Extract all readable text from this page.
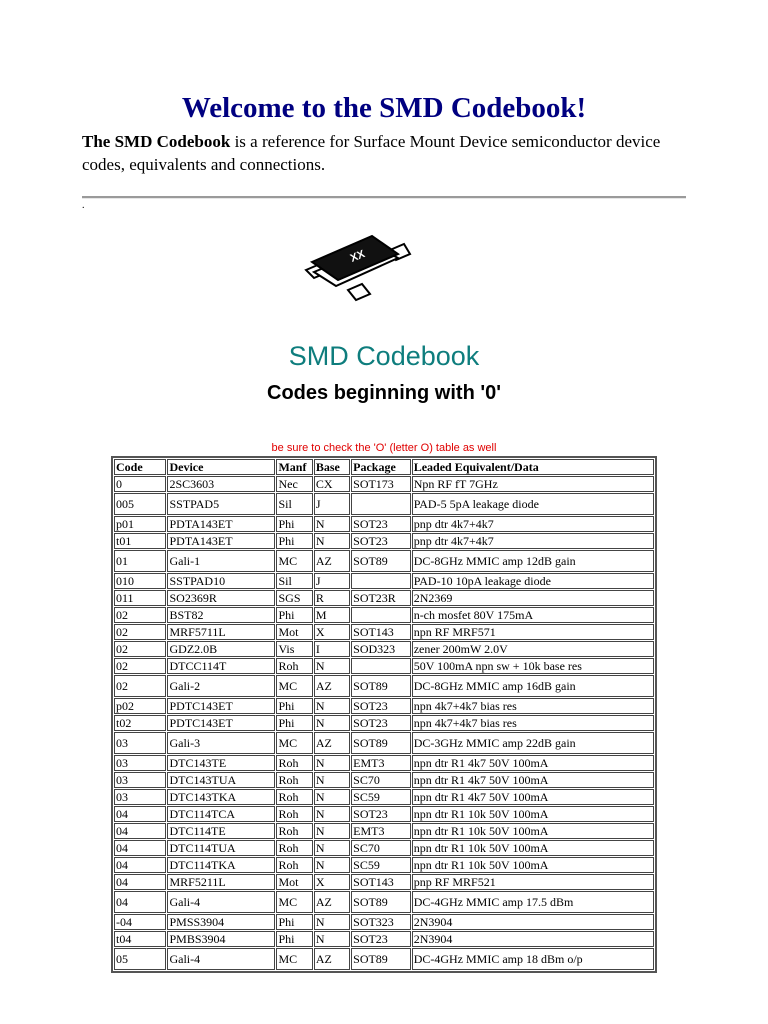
Welcome to the SMD Codebook!

The SMD Codebook is a reference for Surface Mount Device semiconductor device codes, equivalents and connections.

.
XX
SMD Codebook
Codes beginning with '0'

be sure to check the 'O' (letter O) table as well

Code	Device	Manf	Base	Package	Leaded Equivalent/Data
0	2SC3603	Nec	CX	SOT173	Npn RF fT 7GHz
005	SSTPAD5	Sil	J		PAD-5 5pA leakage diode
p01	PDTA143ET	Phi	N	SOT23	pnp dtr 4k7+4k7
t01	PDTA143ET	Phi	N	SOT23	pnp dtr 4k7+4k7
01	Gali-1	MC	AZ	SOT89	DC-8GHz MMIC amp 12dB gain
010	SSTPAD10	Sil	J		PAD-10 10pA leakage diode
011	SO2369R	SGS	R	SOT23R	2N2369
02	BST82	Phi	M		n-ch mosfet 80V 175mA
02	MRF5711L	Mot	X	SOT143	npn RF MRF571
02	GDZ2.0B	Vis	I	SOD323	zener 200mW 2.0V
02	DTCC114T	Roh	N		50V 100mA npn sw + 10k base res
02	Gali-2	MC	AZ	SOT89	DC-8GHz MMIC amp 16dB gain
p02	PDTC143ET	Phi	N	SOT23	npn 4k7+4k7 bias res
t02	PDTC143ET	Phi	N	SOT23	npn 4k7+4k7 bias res
03	Gali-3	MC	AZ	SOT89	DC-3GHz MMIC amp 22dB gain
03	DTC143TE	Roh	N	EMT3	npn dtr R1 4k7 50V 100mA
03	DTC143TUA	Roh	N	SC70	npn dtr R1 4k7 50V 100mA
03	DTC143TKA	Roh	N	SC59	npn dtr R1 4k7 50V 100mA
04	DTC114TCA	Roh	N	SOT23	npn dtr R1 10k 50V 100mA
04	DTC114TE	Roh	N	EMT3	npn dtr R1 10k 50V 100mA
04	DTC114TUA	Roh	N	SC70	npn dtr R1 10k 50V 100mA
04	DTC114TKA	Roh	N	SC59	npn dtr R1 10k 50V 100mA
04	MRF5211L	Mot	X	SOT143	pnp RF MRF521
04	Gali-4	MC	AZ	SOT89	DC-4GHz MMIC amp 17.5 dBm
-04	PMSS3904	Phi	N	SOT323	2N3904
t04	PMBS3904	Phi	N	SOT23	2N3904
05	Gali-4	MC	AZ	SOT89	DC-4GHz MMIC amp 18 dBm o/p
